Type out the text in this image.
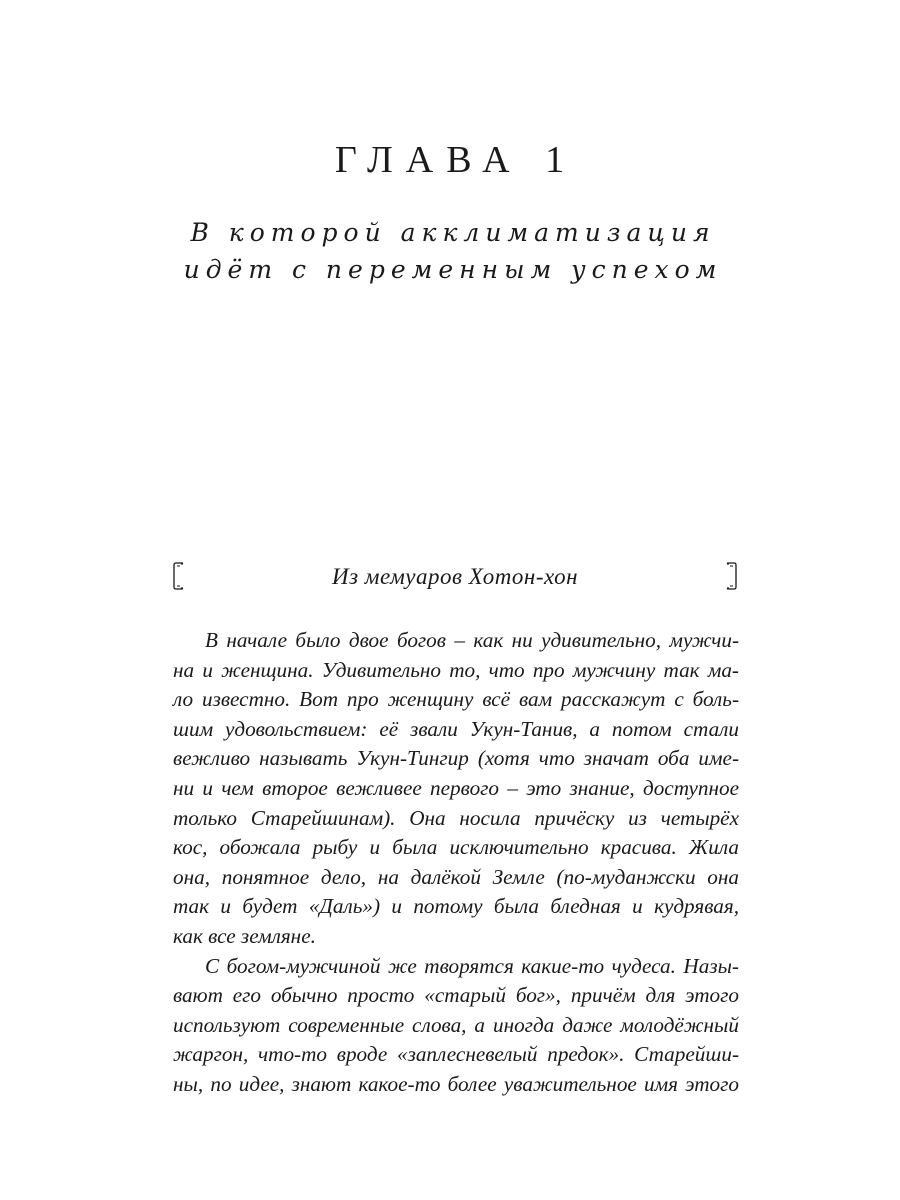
ГЛАВА 1
В которой акклиматизация
идёт с переменным успехом
Из мемуаров Хотон-хон
В начале было двое богов – как ни удивительно, мужчи-
на и женщина. Удивительно то, что про мужчину так ма-
ло известно. Вот про женщину всё вам расскажут с боль-
шим удовольствием: её звали Укун-Танив, а потом стали
вежливо называть Укун-Тингир (хотя что значат оба име-
ни и чем второе вежливее первого – это знание, доступное
только Старейшинам). Она носила причёску из четырёх
кос, обожала рыбу и была исключительно красива. Жила
она, понятное дело, на далёкой Земле (по-муданжски она
так и будет «Даль») и потому была бледная и кудрявая,
как все земляне.
С богом-мужчиной же творятся какие-то чудеса. Назы-
вают его обычно просто «старый бог», причём для этого
используют современные слова, а иногда даже молодёжный
жаргон, что-то вроде «заплесневелый предок». Старейши-
ны, по идее, знают какое-то более уважительное имя этого
